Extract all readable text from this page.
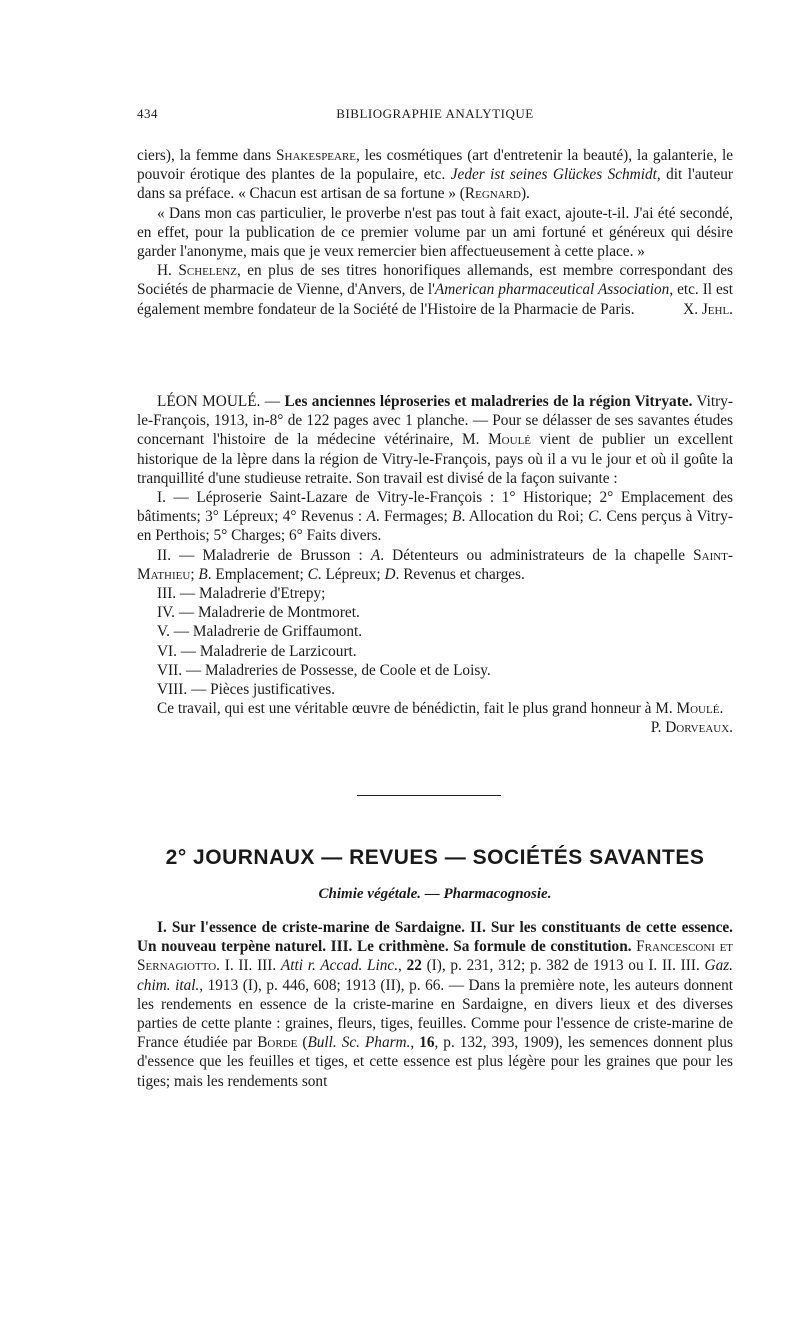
434	BIBLIOGRAPHIE ANALYTIQUE

ciers), la femme dans Shakespeare, les cosmétiques (art d'entretenir la beauté), la galanterie, le pouvoir érotique des plantes de la populaire, etc. Jeder ist seines Glückes Schmidt, dit l'auteur dans sa préface. « Chacun est artisan de sa fortune » (Regnard).

« Dans mon cas particulier, le proverbe n'est pas tout à fait exact, ajoute-t-il. J'ai été secondé, en effet, pour la publication de ce premier volume par un ami fortuné et généreux qui désire garder l'anonyme, mais que je veux remercier bien affectueusement à cette place. »

H. Schelenz, en plus de ses titres honorifiques allemands, est membre correspondant des Sociétés de pharmacie de Vienne, d'Anvers, de l'American pharmaceutical Association, etc. Il est également membre fondateur de la Société de l'Histoire de la Pharmacie de Paris.	X. Jehl.

LÉON MOULÉ. — Les anciennes léproseries et maladreries de la région Vitryate. Vitry-le-François, 1913, in-8° de 122 pages avec 1 planche. — Pour se délasser de ses savantes études concernant l'histoire de la médecine vétérinaire, M. Moulé vient de publier un excellent historique de la lèpre dans la région de Vitry-le-François, pays où il a vu le jour et où il goûte la tranquillité d'une studieuse retraite. Son travail est divisé de la façon suivante :

I. — Léproserie Saint-Lazare de Vitry-le-François : 1° Historique; 2° Emplacement des bâtiments; 3° Lépreux; 4° Revenus : A. Fermages; B. Allocation du Roi; C. Cens perçus à Vitry-en Perthois; 5° Charges; 6° Faits divers.

II. — Maladrerie de Brusson : A. Détenteurs ou administrateurs de la chapelle Saint-Mathieu; B. Emplacement; C. Lépreux; D. Revenus et charges.

III. — Maladrerie d'Etrepy;

IV. — Maladrerie de Montmoret.

V. — Maladrerie de Griffaumont.

VI. — Maladrerie de Larzicourt.

VII. — Maladreries de Possesse, de Coole et de Loisy.

VIII. — Pièces justificatives.

Ce travail, qui est une véritable œuvre de bénédictin, fait le plus grand honneur à M. Moulé.
P. Dorveaux.

2° JOURNAUX — REVUES — SOCIÉTÉS SAVANTES
Chimie végétale. — Pharmacognosie.

I. Sur l'essence de criste-marine de Sardaigne. II. Sur les constituants de cette essence. Un nouveau terpène naturel. III. Le crithmène. Sa formule de constitution. Francesconi et Sernagiotto. I. II. III. Atti r. Accad. Linc., 22 (I), p. 231, 312; p. 382 de 1913 ou I. II. III. Gaz. chim. ital., 1913 (I), p. 446, 608; 1913 (II), p. 66. — Dans la première note, les auteurs donnent les rendements en essence de la criste-marine en Sardaigne, en divers lieux et des diverses parties de cette plante : graines, fleurs, tiges, feuilles. Comme pour l'essence de criste-marine de France étudiée par Borde (Bull. Sc. Pharm., 16, p. 132, 393, 1909), les semences donnent plus d'essence que les feuilles et tiges, et cette essence est plus légère pour les graines que pour les tiges; mais les rendements sont
